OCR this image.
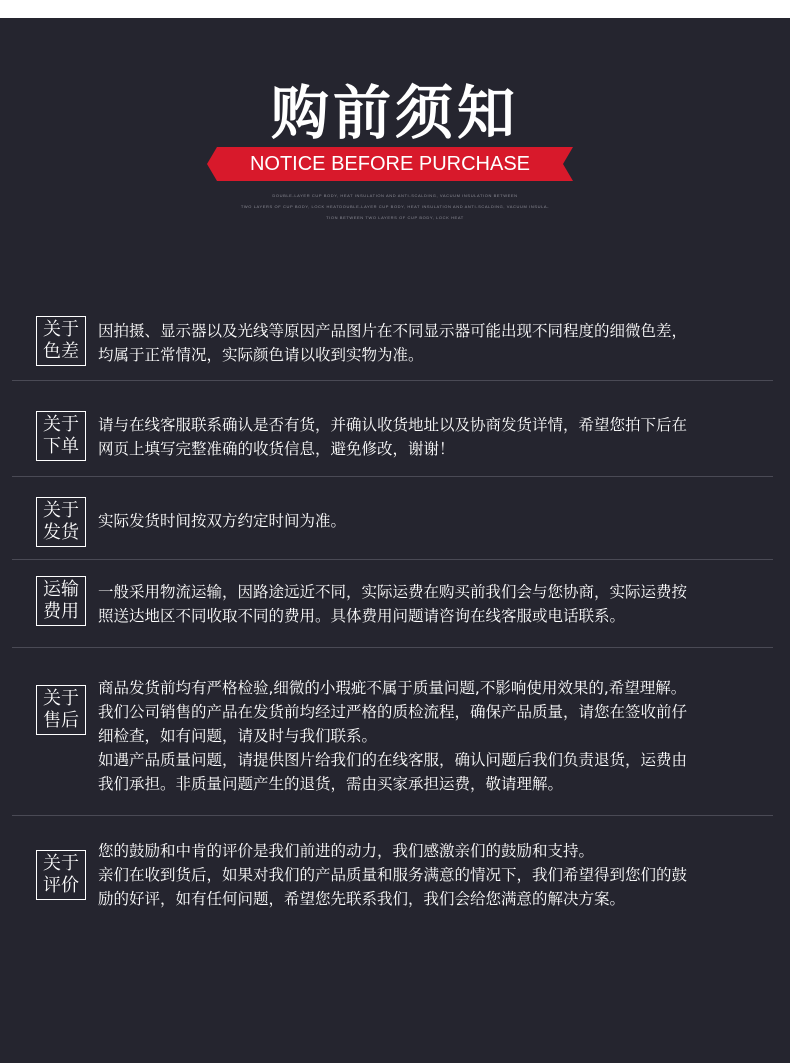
购前须知
NOTICE BEFORE PURCHASE
DOUBLE-LAYER CUP BODY, HEAT INSULATION AND ANTI-SCALDING, VACUUM INSULATION BETWEEN
TWO LAYERS OF CUP BODY, LOCK HEATDOUBLE-LAYER CUP BODY, HEAT INSULATION AND ANTI-SCALDING, VACUUM INSULA-
TION BETWEEN TWO LAYERS OF CUP BODY, LOCK HEAT
关于
色差

因拍摄、显示器以及光线等原因产品图片在不同显示器可能出现不同程度的细微色差，

均属于正常情况，实际颜色请以收到实物为准。

关于
下单

请与在线客服联系确认是否有货，并确认收货地址以及协商发货详情，希望您拍下后在

网页上填写完整准确的收货信息，避免修改，谢谢！

关于
发货

实际发货时间按双方约定时间为准。

运输
费用

一般采用物流运输，因路途远近不同，实际运费在购买前我们会与您协商，实际运费按

照送达地区不同收取不同的费用。具体费用问题请咨询在线客服或电话联系。

关于
售后

商品发货前均有严格检验,细微的小瑕疵不属于质量问题,不影响使用效果的,希望理解。

我们公司销售的产品在发货前均经过严格的质检流程，确保产品质量，请您在签收前仔

细检查，如有问题，请及时与我们联系。

如遇产品质量问题，请提供图片给我们的在线客服，确认问题后我们负责退货，运费由

我们承担。非质量问题产生的退货，需由买家承担运费，敬请理解。

关于
评价

您的鼓励和中肯的评价是我们前进的动力，我们感激亲们的鼓励和支持。

亲们在收到货后，如果对我们的产品质量和服务满意的情况下，我们希望得到您们的鼓

励的好评，如有任何问题，希望您先联系我们，我们会给您满意的解决方案。
